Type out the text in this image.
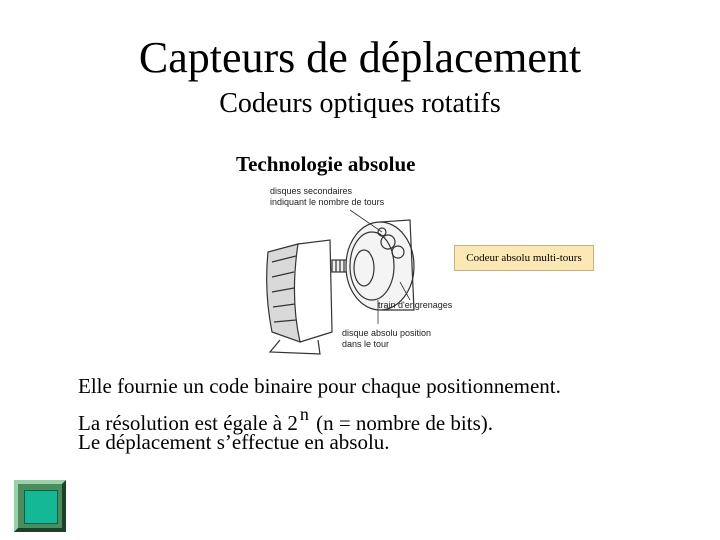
Capteurs de déplacement
Codeurs optiques rotatifs
Technologie absolue
disques secondaires indiquant le nombre de tours
train d'engrenages
disque absolu position dans le tour
Codeur absolu multi-tours
Elle fournie un code binaire pour chaque positionnement.
La résolution est égale à 2 $^n$ (n = nombre de bits).
Le déplacement s’effectue en absolu.
